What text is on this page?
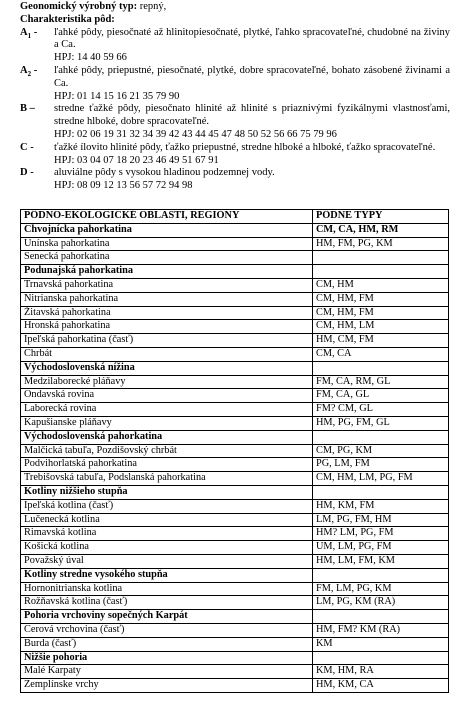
Geonomický výrobný typ: repný,
Charakteristika pôd:
$A_1$ -	ľahké pôdy, piesočnaté až hlinitopiesočnaté, plytké, ľahko spracovateľné, chudobné na živiny a Ca.
HPJ: 14 40 59 66
$A_2$ -	ľahké pôdy, priepustné, piesočnaté, plytké, dobre spracovateľné, bohato zásobené živinami a Ca.
HPJ: 01 14 15 16 21 35 79 90
B –	stredne ťažké pôdy, piesočnato hlinité až hlinité s priaznivými fyzikálnymi vlastnosťami, stredne hlboké, dobre spracovateľné.
HPJ: 02 06 19 31 32 34 39 42 43 44 45 47 48 50 52 56 66 75 79 96
C -	ťažké ílovito hlinité pôdy, ťažko priepustné, stredne hlboké a hlboké, ťažko spracovateľné.
HPJ: 03 04 07 18 20 23 46 49 51 67 91
D -	aluviálne pôdy s vysokou hladinou podzemnej vody.
HPJ: 08 09 12 13 56 57 72 94 98
PÔDNO-EKOLOGICKÉ OBLASTI, REGIÓNY	PÔDNE TYPY
Chvojnícka pahorkatina	CM, CA, HM, RM
Unínska pahorkatina	HM, FM, PG, KM
Senecká pahorkatina	
Podunajská pahorkatina	
Trnavská pahorkatina	CM, HM
Nitrianska pahorkatina	CM, HM, FM
Žitavská pahorkatina	CM, HM, FM
Hronská pahorkatina	CM, HM, LM
Ipeľská pahorkatina (časť)	HM, CM, FM
Chrbát	CM, CA
Východoslovenská nížina	
Medzilaborecké pláňavy	FM, CA, RM, GL
Ondavská rovina	FM, CA, GL
Laborecká rovina	FM? CM, GL
Kapušianske pláňavy	HM, PG, FM, GL
Východoslovenská pahorkatina	
Malčická tabuľa, Pozdišovský chrbát	CM, PG, KM
Podvihorlatská pahorkatina	PG, LM, FM
Trebišovská tabuľa, Podslanská pahorkatina	CM, HM, LM, PG, FM
Kotliny nižšieho stupňa	
Ipeľská kotlina (časť)	HM, KM, FM
Lučenecká kotlina	LM, PG, FM, HM
Rimavská kotlina	HM? LM, PG, FM
Košická kotlina	UM, LM, PG, FM
Považský úval	HM, LM, FM, KM
Kotliny stredne vysokého stupňa	
Hornonitrianska kotlina	FM, LM, PG, KM
Rožňavská kotlina (časť)	LM, PG, KM (RA)
Pohoria vrchoviny sopečných Karpát	
Cerová vrchovina (časť)	HM, FM? KM (RA)
Burda (časť)	KM
Nižšie pohoria	
Malé Karpaty	KM, HM, RA
Zemplínske vrchy	HM, KM, CA
